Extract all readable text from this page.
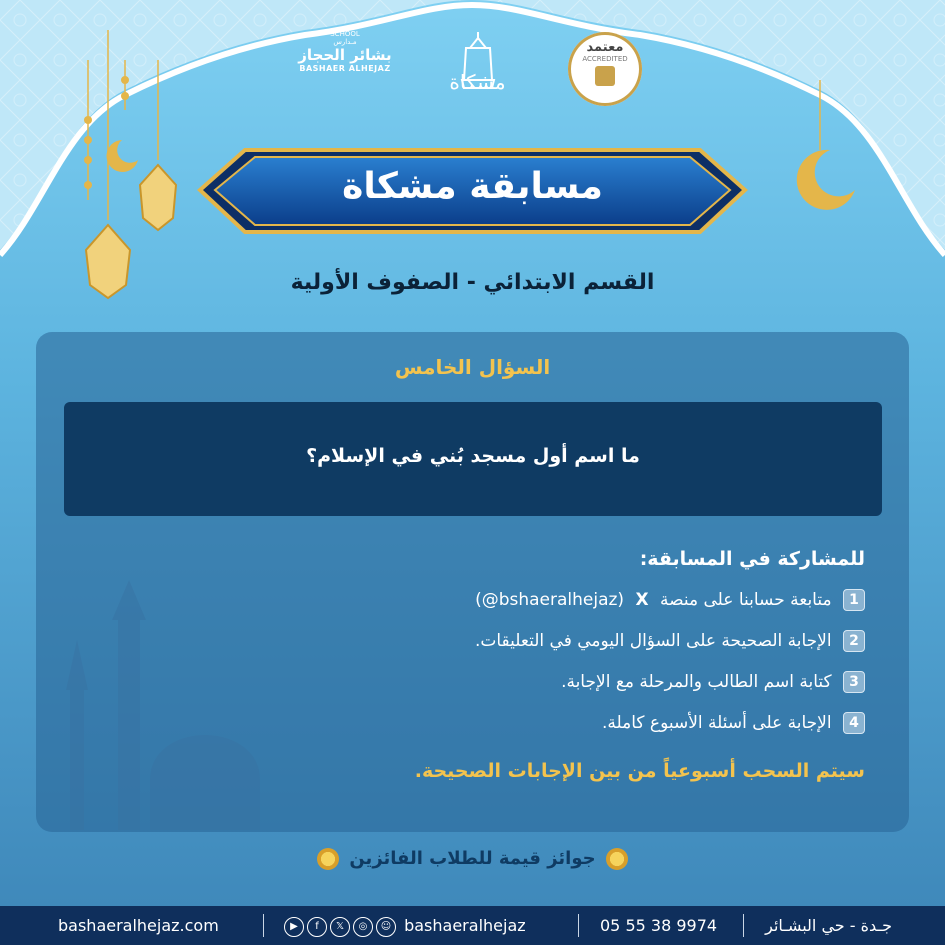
SCHOOL
مـدارس
بشائر الحجاز
BASHAER ALHEJAZ
مشكاة
معتمد
ACCREDITED
مسابقة مشكاة
القسم الابتدائي - الصفوف الأولية
السؤال الخامس
ما اسم أول مسجد بُني في الإسلام؟
للمشاركة في المسابقة:
1 متابعة حسابنا على منصة X (@bshaeralhejaz)
2 الإجابة الصحيحة على السؤال اليومي في التعليقات.
3 كتابة اسم الطالب والمرحلة مع الإجابة.
4 الإجابة على أسئلة الأسبوع كاملة.
سيتم السحب أسبوعياً من بين الإجابات الصحيحة.
جوائز قيمة للطلاب الفائزين
bashaeralhejaz.com	▶ f 𝕏 ◎ ☺ bashaeralhejaz	05 55 38 9974	جـدة - حي البشـائر
